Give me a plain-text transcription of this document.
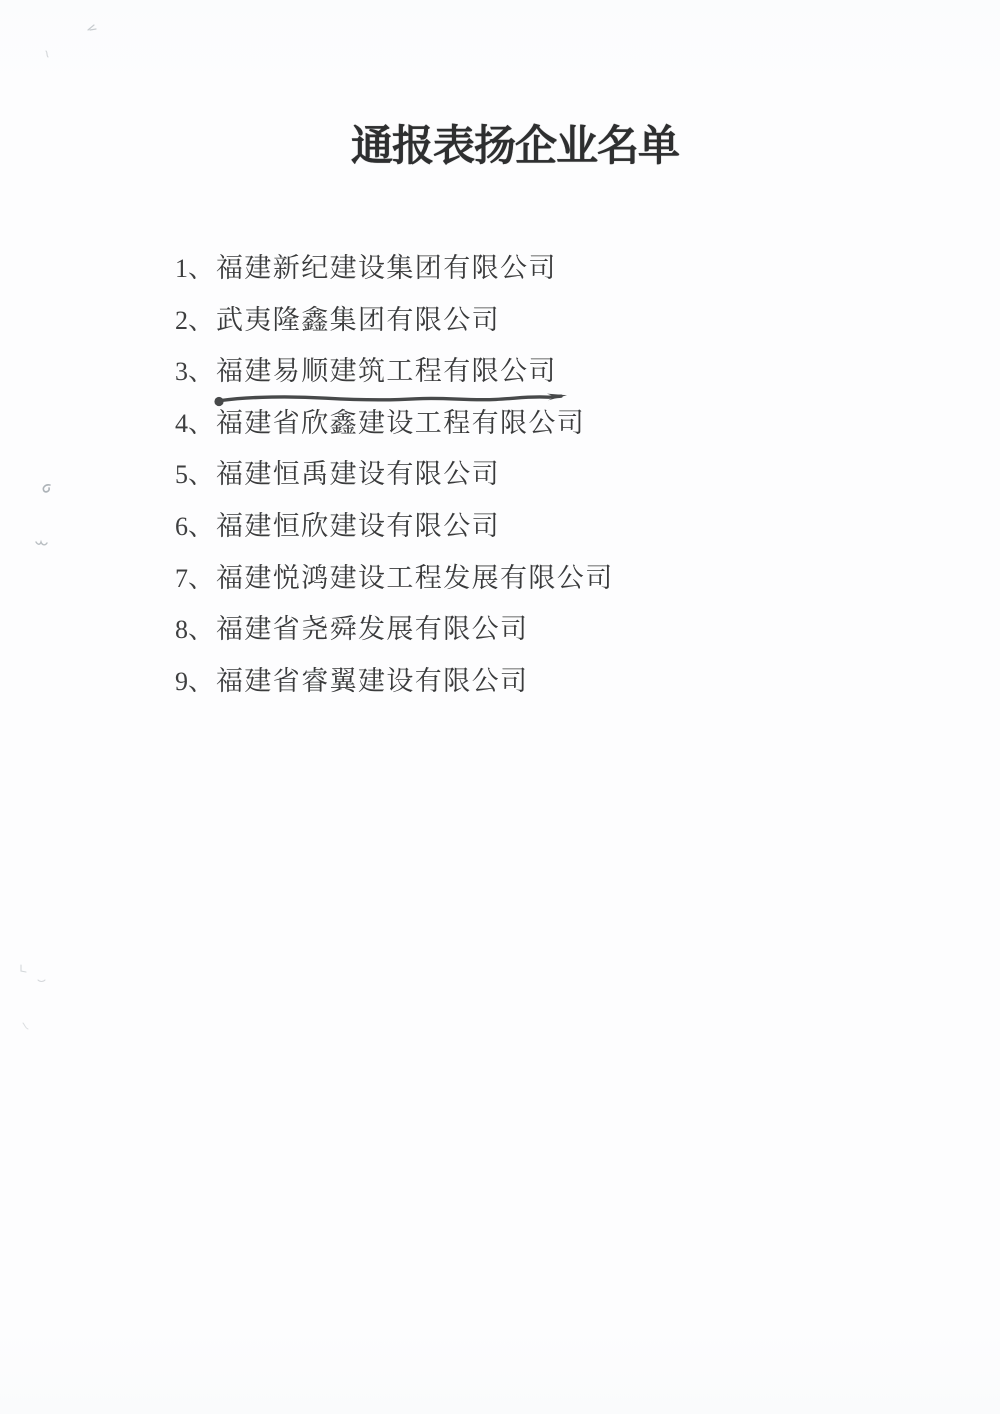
通报表扬企业名单
1、 福建新纪建设集团有限公司
2、 武夷隆鑫集团有限公司
3、 福建易顺建筑工程有限公司
4、 福建省欣鑫建设工程有限公司
5、 福建恒禹建设有限公司
6、 福建恒欣建设有限公司
7、 福建悦鸿建设工程发展有限公司
8、 福建省尧舜发展有限公司
9、 福建省睿翼建设有限公司
